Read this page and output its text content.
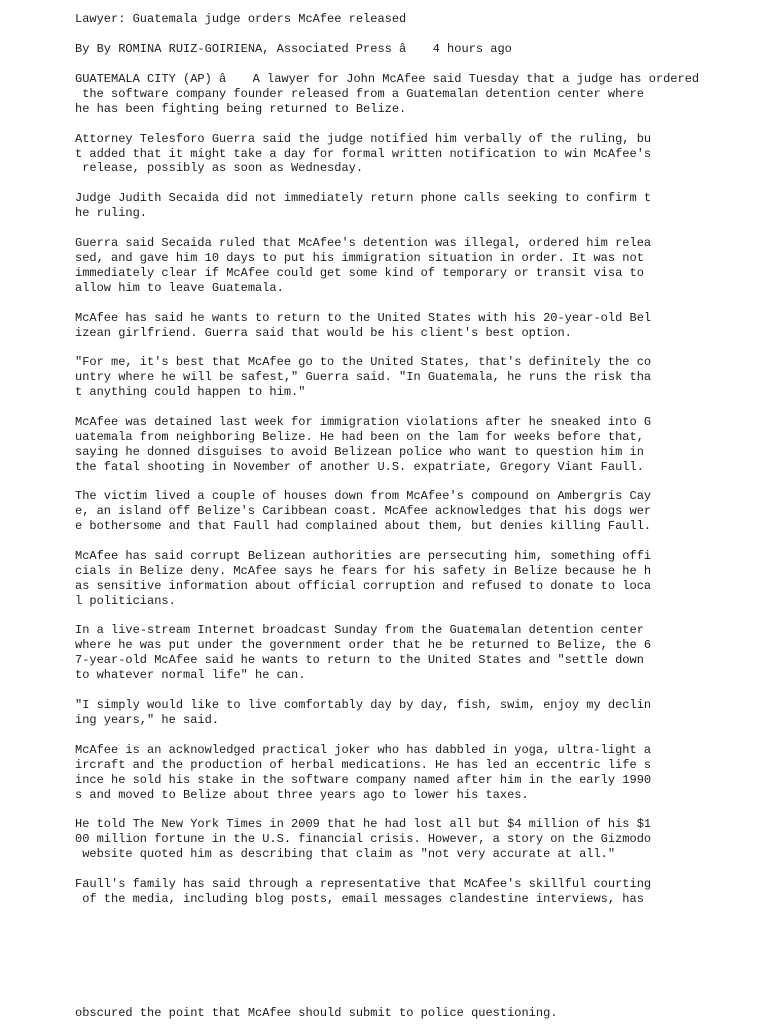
Lawyer: Guatemala judge orders McAfee released

By By ROMINA RUIZ-GOIRIENA, Associated Press â 4 hours ago

GUATEMALA CITY (AP) â A lawyer for John McAfee said Tuesday that a judge has ordered

the software company founder released from a Guatemalan detention center where

he has been fighting being returned to Belize.

Attorney Telesforo Guerra said the judge notified him verbally of the ruling, bu

t added that it might take a day for formal written notification to win McAfee's

release, possibly as soon as Wednesday.

Judge Judith Secaida did not immediately return phone calls seeking to confirm t

he ruling.

Guerra said Secaida ruled that McAfee's detention was illegal, ordered him relea

sed, and gave him 10 days to put his immigration situation in order. It was not

immediately clear if McAfee could get some kind of temporary or transit visa to

allow him to leave Guatemala.

McAfee has said he wants to return to the United States with his 20-year-old Bel

izean girlfriend. Guerra said that would be his client's best option.

"For me, it's best that McAfee go to the United States, that's definitely the co

untry where he will be safest," Guerra said. "In Guatemala, he runs the risk tha

t anything could happen to him."

McAfee was detained last week for immigration violations after he sneaked into G

uatemala from neighboring Belize. He had been on the lam for weeks before that,

saying he donned disguises to avoid Belizean police who want to question him in

the fatal shooting in November of another U.S. expatriate, Gregory Viant Faull.

The victim lived a couple of houses down from McAfee's compound on Ambergris Cay

e, an island off Belize's Caribbean coast. McAfee acknowledges that his dogs wer

e bothersome and that Faull had complained about them, but denies killing Faull.

McAfee has said corrupt Belizean authorities are persecuting him, something offi

cials in Belize deny. McAfee says he fears for his safety in Belize because he h

as sensitive information about official corruption and refused to donate to loca

l politicians.

In a live-stream Internet broadcast Sunday from the Guatemalan detention center

where he was put under the government order that he be returned to Belize, the 6

7-year-old McAfee said he wants to return to the United States and "settle down

to whatever normal life" he can.

"I simply would like to live comfortably day by day, fish, swim, enjoy my declin

ing years," he said.

McAfee is an acknowledged practical joker who has dabbled in yoga, ultra-light a

ircraft and the production of herbal medications. He has led an eccentric life s

ince he sold his stake in the software company named after him in the early 1990

s and moved to Belize about three years ago to lower his taxes.

He told The New York Times in 2009 that he had lost all but $4 million of his $1

00 million fortune in the U.S. financial crisis. However, a story on the Gizmodo

website quoted him as describing that claim as "not very accurate at all."

Faull's family has said through a representative that McAfee's skillful courting

of the media, including blog posts, email messages clandestine interviews, has

obscured the point that McAfee should submit to police questioning.
